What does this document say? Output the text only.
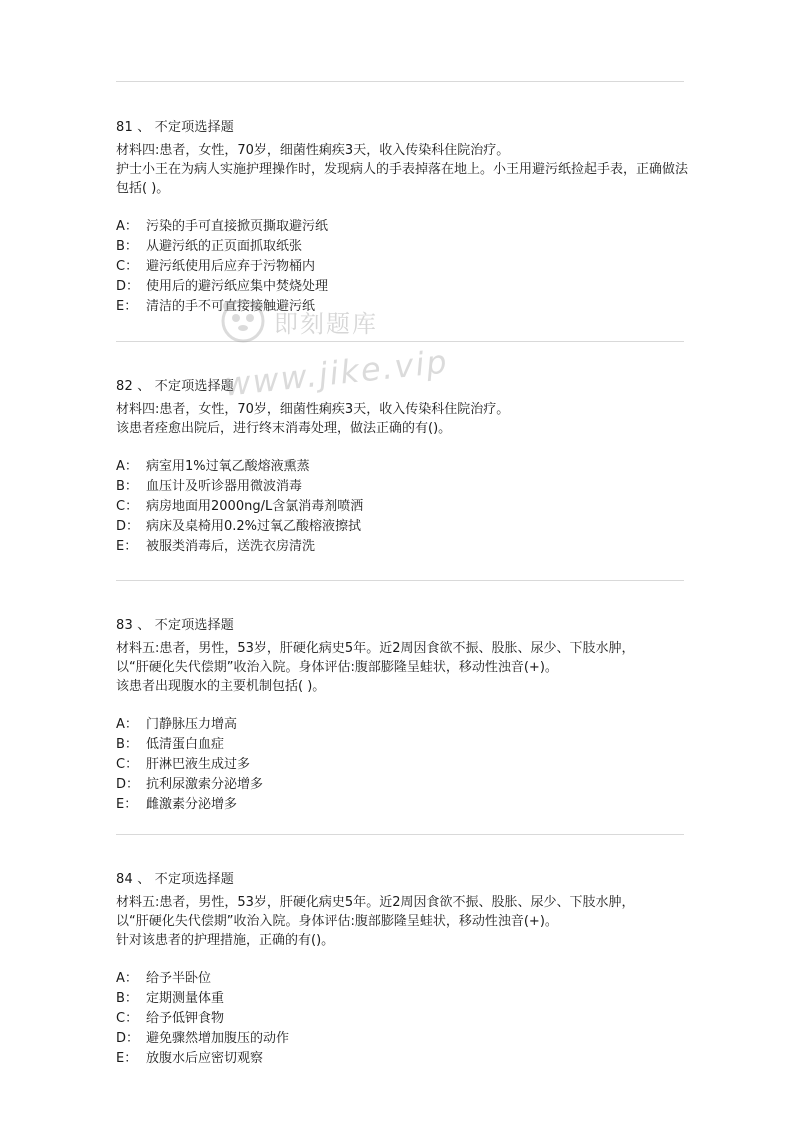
81 、 不定项选择题
材料四:患者，女性，70岁，细菌性痢疾3天，收入传染科住院治疗。
护士小王在为病人实施护理操作时，发现病人的手表掉落在地上。小王用避污纸捡起手表，正确做法包括( )。
A： 污染的手可直接掀页撕取避污纸
B： 从避污纸的正页面抓取纸张
C： 避污纸使用后应弃于污物桶内
D： 使用后的避污纸应集中焚烧处理
E： 清洁的手不可直接接触避污纸
82 、 不定项选择题
材料四:患者，女性，70岁，细菌性痢疾3天，收入传染科住院治疗。
该患者痊愈出院后，进行终末消毒处理，做法正确的有()。
A： 病室用1%过氧乙酸熔液熏蒸
B： 血压计及听诊器用微波消毒
C： 病房地面用2000ng/L含氯消毒剂喷洒
D： 病床及桌椅用0.2%过氧乙酸榕液擦拭
E： 被服类消毒后，送洗衣房清洗
83 、 不定项选择题
材料五:患者，男性，53岁，肝硬化病史5年。近2周因食欲不振、股胀、尿少、下肢水肿，
以“肝硬化失代偿期”收治入院。身体评估:腹部膨隆呈蛙状，移动性浊音(+)。
该患者出现腹水的主要机制包括( )。
A： 门静脉压力增高
B： 低清蛋白血症
C： 肝淋巴液生成过多
D： 抗利尿激索分泌增多
E： 雌激素分泌增多
84 、 不定项选择题
材料五:患者，男性，53岁，肝硬化病史5年。近2周因食欲不振、股胀、尿少、下肢水肿，
以“肝硬化失代偿期”收治入院。身体评估:腹部膨隆呈蛙状，移动性浊音(+)。
针对该患者的护理措施，正确的有()。
A： 给予半卧位
B： 定期测量体重
C： 给予低钾食物
D： 避免骤然增加腹压的动作
E： 放腹水后应密切观察
即刻题库
www.jike.vip
